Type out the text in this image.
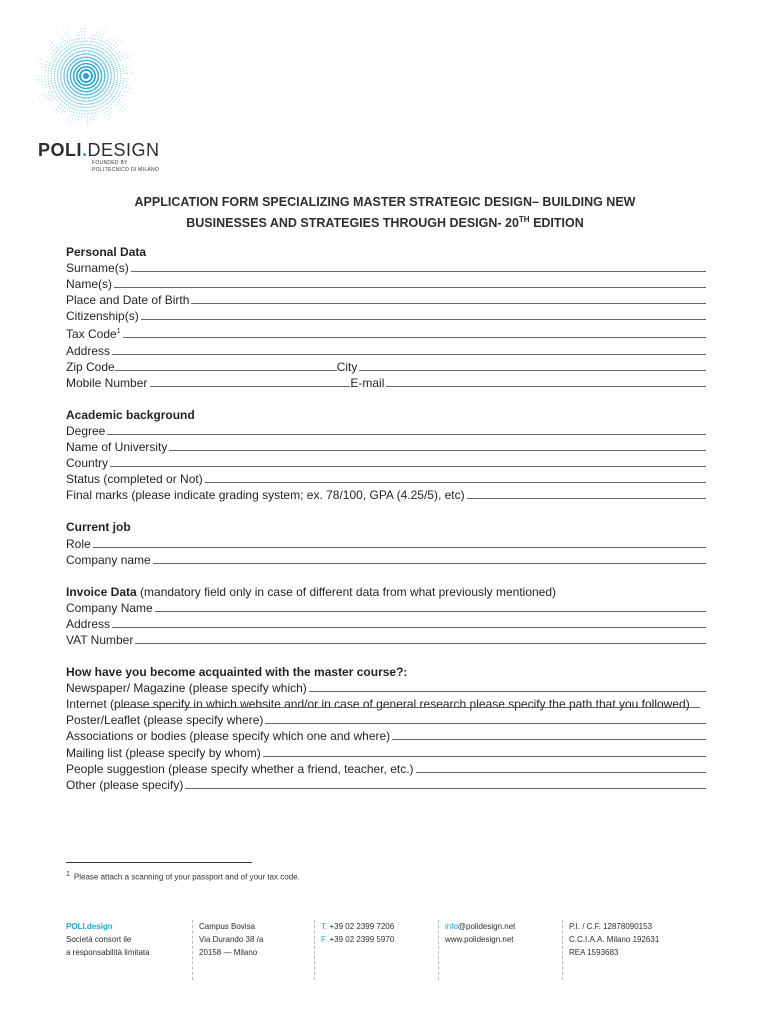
POLI.DESIGN
FOUNDED BY
POLITECNICO DI MILANO
APPLICATION FORM SPECIALIZING MASTER STRATEGIC DESIGN– BUILDING NEW
BUSINESSES AND STRATEGIES THROUGH DESIGN- 20TH EDITION

Personal Data

Surname(s)
Name(s)
Place and Date of Birth
Citizenship(s)
Tax Code$^1$
Address
Zip Code	City
Mobile Number	E-mail

Academic background

Degree
Name of University
Country
Status (completed or Not)
Final marks (please indicate grading system; ex. 78/100, GPA (4.25/5), etc)

Current job

Role
Company name

Invoice Data (mandatory field only in case of different data from what previously mentioned)

Company Name
Address
VAT Number

How have you become acquainted with the master course?:

Newspaper/ Magazine (please specify which)
Internet (please specify in which website and/or in case of general research please specify the path that you followed)
Poster/Leaflet (please specify where)
Associations or bodies (please specify which one and where)
Mailing list (please specify by whom)
People suggestion (please specify whether a friend, teacher, etc.)
Other (please specify)
$^1$ Please attach a scanning of your passport and of your tax code.
POLI.design
Società consort ile
a responsabilità limitata
Campus Bovisa
Via Durando 38 /a
20158 — Milano
T. +39 02 2399 7206
F. +39 02 2399 5970
info@polidesign.net
www.polidesign.net
P.I. / C.F. 12878090153
C.C.I.A.A. Milano 192631
REA 1593683
